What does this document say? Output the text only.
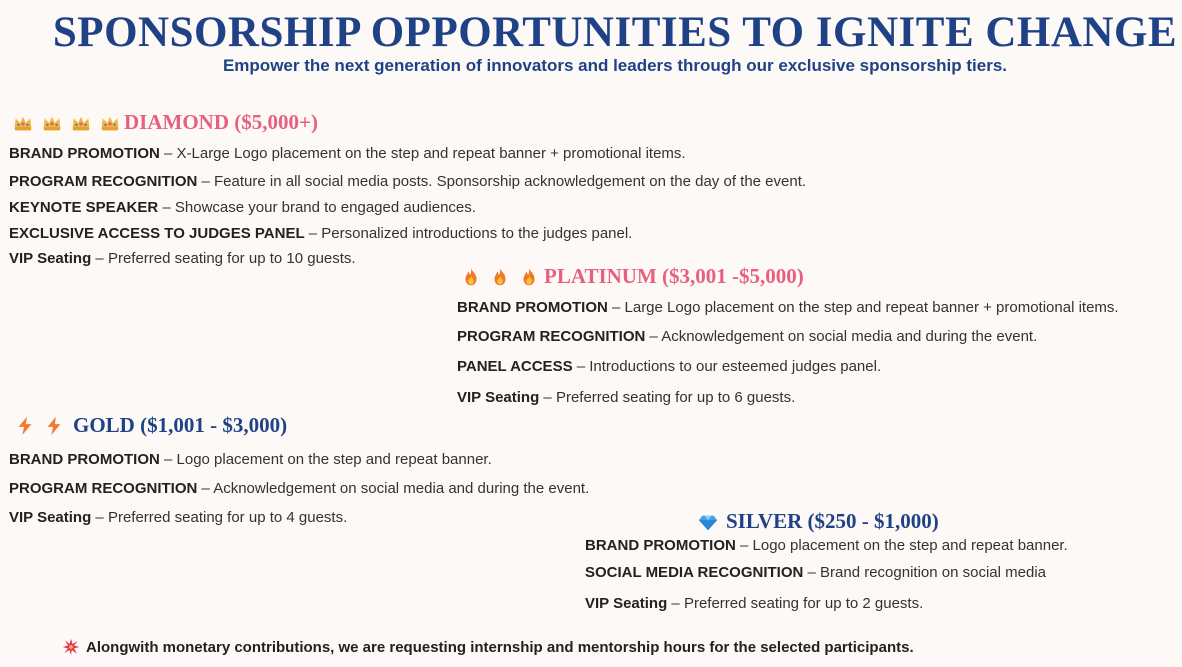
SPONSORSHIP OPPORTUNITIES TO IGNITE CHANGE
Empower the next generation of innovators and leaders through our exclusive sponsorship tiers.
DIAMOND ($5,000+)
BRAND PROMOTION – X-Large Logo placement on the step and repeat banner + promotional items.
PROGRAM RECOGNITION – Feature in all social media posts. Sponsorship acknowledgement on the day of the event.
KEYNOTE SPEAKER – Showcase your brand to engaged audiences.
EXCLUSIVE ACCESS TO JUDGES PANEL – Personalized introductions to the judges panel.
VIP Seating – Preferred seating for up to 10 guests.
PLATINUM ($3,001 -$5,000)
BRAND PROMOTION – Large Logo placement on the step and repeat banner + promotional items.
PROGRAM RECOGNITION – Acknowledgement on social media and during the event.
PANEL ACCESS – Introductions to our esteemed judges panel.
VIP Seating – Preferred seating for up to 6 guests.
GOLD ($1,001 - $3,000)
BRAND PROMOTION – Logo placement on the step and repeat banner.
PROGRAM RECOGNITION – Acknowledgement on social media and during the event.
VIP Seating – Preferred seating for up to 4 guests.	SILVER ($250 - $1,000)
BRAND PROMOTION – Logo placement on the step and repeat banner.
SOCIAL MEDIA RECOGNITION – Brand recognition on social media
VIP Seating – Preferred seating for up to 2 guests.
Alongwith monetary contributions, we are requesting internship and mentorship hours for the selected participants.
